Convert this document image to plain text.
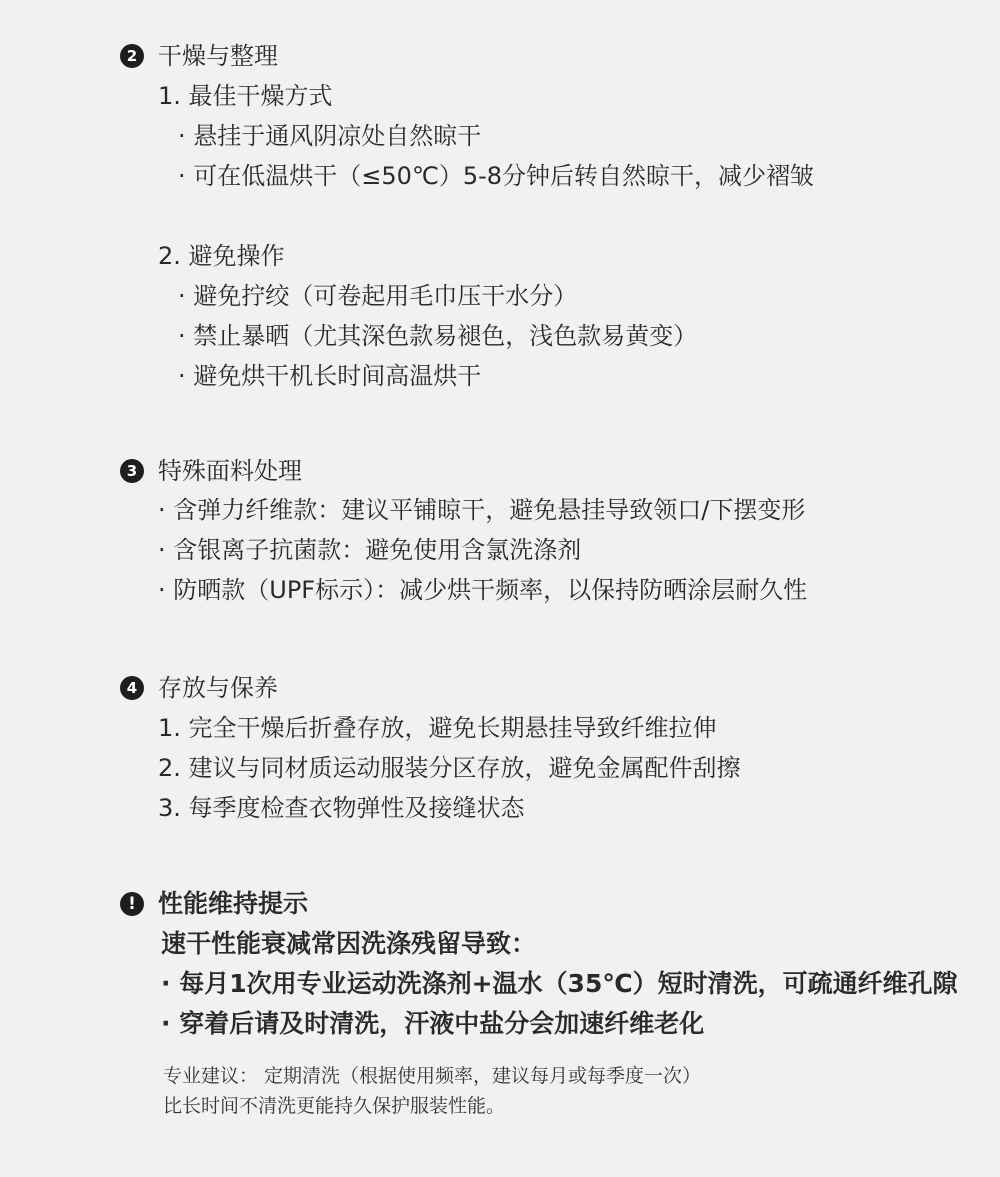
2 干燥与整理
1. 最佳干燥方式
· 悬挂于通风阴凉处自然晾干
· 可在低温烘干（≤50℃）5-8分钟后转自然晾干，减少褶皱
2. 避免操作
· 避免拧绞（可卷起用毛巾压干水分）
· 禁止暴晒（尤其深色款易褪色，浅色款易黄变）
· 避免烘干机长时间高温烘干
3 特殊面料处理
· 含弹力纤维款：建议平铺晾干，避免悬挂导致领口/下摆变形
· 含银离子抗菌款：避免使用含氯洗涤剂
· 防晒款（UPF标示）：减少烘干频率，以保持防晒涂层耐久性
4 存放与保养
1. 完全干燥后折叠存放，避免长期悬挂导致纤维拉伸
2. 建议与同材质运动服装分区存放，避免金属配件刮擦
3. 每季度检查衣物弹性及接缝状态
! 性能维持提示
速干性能衰减常因洗涤残留导致：
· 每月1次用专业运动洗涤剂+温水（35℃）短时清洗，可疏通纤维孔隙
· 穿着后请及时清洗，汗液中盐分会加速纤维老化
专业建议： 定期清洗（根据使用频率，建议每月或每季度一次）
比长时间不清洗更能持久保护服装性能。
